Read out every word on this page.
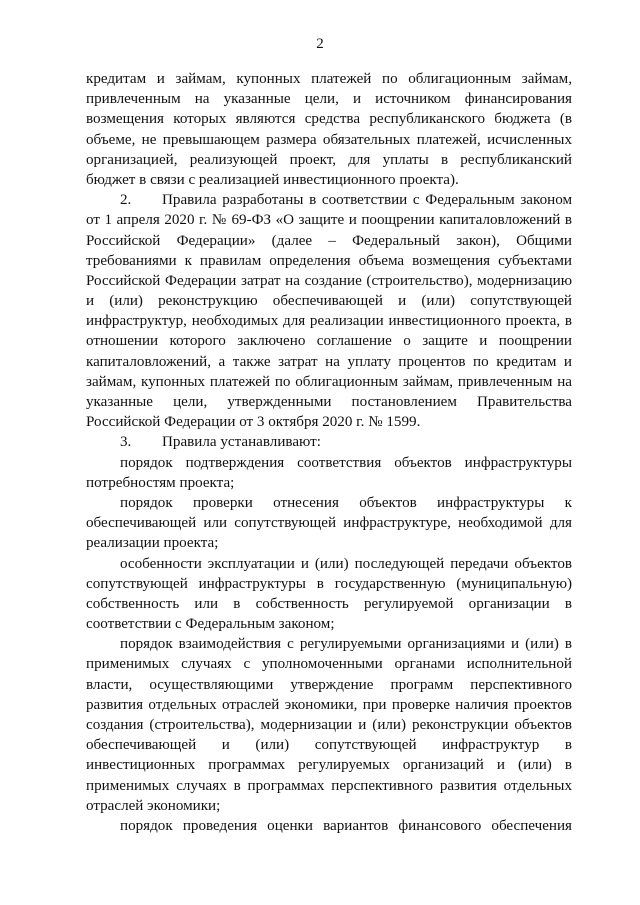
2
кредитам и займам, купонных платежей по облигационным займам,
привлеченным на указанные цели, и источником финансирования
возмещения которых являются средства республиканского бюджета (в
объеме, не превышающем размера обязательных платежей, исчисленных
организацией, реализующей проект, для уплаты в республиканский
бюджет в связи с реализацией инвестиционного проекта).
2.	Правила разработаны в соответствии с Федеральным законом
от 1 апреля 2020 г. № 69-ФЗ «О защите и поощрении капиталовложений в
Российской Федерации» (далее – Федеральный закон), Общими
требованиями к правилам определения объема возмещения субъектами
Российской Федерации затрат на создание (строительство), модернизацию
и (или) реконструкцию обеспечивающей и (или) сопутствующей
инфраструктур, необходимых для реализации инвестиционного проекта, в
отношении которого заключено соглашение о защите и поощрении
капиталовложений, а также затрат на уплату процентов по кредитам и
займам, купонных платежей по облигационным займам, привлеченным на
указанные цели, утвержденными постановлением Правительства
Российской Федерации от 3 октября 2020 г. № 1599.
3. Правила устанавливают:
порядок подтверждения соответствия объектов инфраструктуры
потребностям проекта;
порядок проверки отнесения объектов инфраструктуры к
обеспечивающей или сопутствующей инфраструктуре, необходимой для
реализации проекта;
особенности эксплуатации и (или) последующей передачи объектов
сопутствующей инфраструктуры в государственную (муниципальную)
собственность или в собственность регулируемой организации в
соответствии с Федеральным законом;
порядок взаимодействия с регулируемыми организациями и (или) в
применимых случаях с уполномоченными органами исполнительной
власти, осуществляющими утверждение программ перспективного
развития отдельных отраслей экономики, при проверке наличия проектов
создания (строительства), модернизации и (или) реконструкции объектов
обеспечивающей и (или) сопутствующей инфраструктур в
инвестиционных программах регулируемых организаций и (или) в
применимых случаях в программах перспективного развития отдельных
отраслей экономики;
порядок проведения оценки вариантов финансового обеспечения
